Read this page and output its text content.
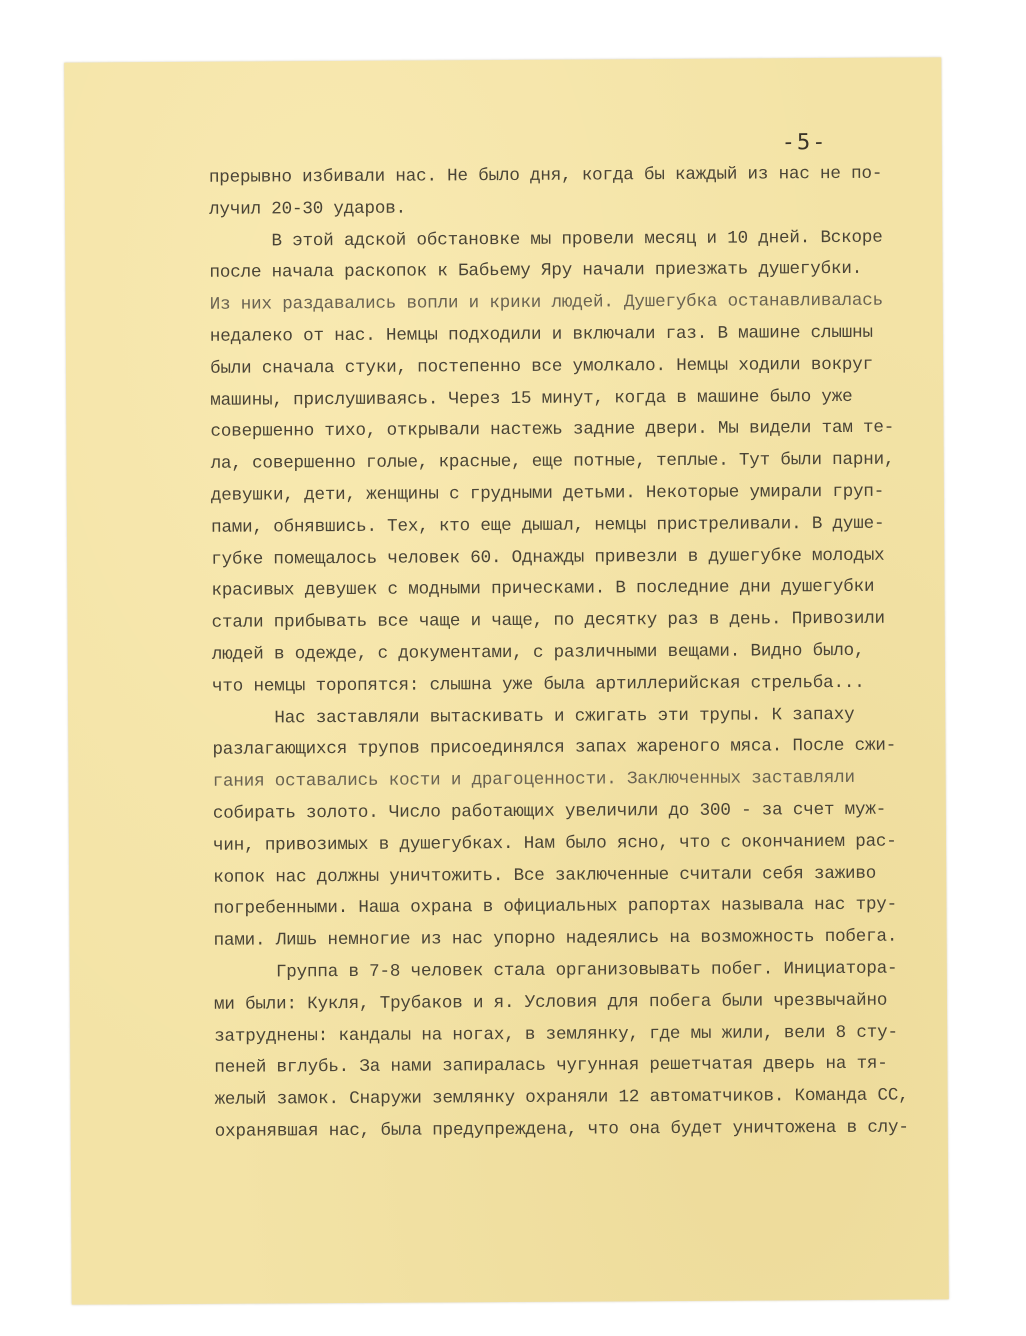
-5-
прерывно избивали нас. Не было дня, когда бы каждый из нас не по-
лучил 20-30 ударов.
В этой адской обстановке мы провели месяц и 10 дней. Вскоре
после начала раскопок к Бабьему Яру начали приезжать душегубки.
Из них раздавались вопли и крики людей. Душегубка останавливалась
недалеко от нас. Немцы подходили и включали газ. В машине слышны
были сначала стуки, постепенно все умолкало. Немцы ходили вокруг
машины, прислушиваясь. Через 15 минут, когда в машине было уже
совершенно тихо, открывали настежь задние двери. Мы видели там те-
ла, совершенно голые, красные, еще потные, теплые. Тут были парни,
девушки, дети, женщины с грудными детьми. Некоторые умирали груп-
пами, обнявшись. Тех, кто еще дышал, немцы пристреливали. В душе-
губке помещалось человек 60. Однажды привезли в душегубке молодых
красивых девушек с модными прическами. В последние дни душегубки
стали прибывать все чаще и чаще, по десятку раз в день. Привозили
людей в одежде, с документами, с различными вещами. Видно было,
что немцы торопятся: слышна уже была артиллерийская стрельба...
Нас заставляли вытаскивать и сжигать эти трупы. К запаху
разлагающихся трупов присоединялся запах жареного мяса. После сжи-
гания оставались кости и драгоценности. Заключенных заставляли
собирать золото. Число работающих увеличили до 300 - за счет муж-
чин, привозимых в душегубках. Нам было ясно, что с окончанием рас-
копок нас должны уничтожить. Все заключенные считали себя заживо
погребенными. Наша охрана в официальных рапортах называла нас тру-
пами. Лишь немногие из нас упорно надеялись на возможность побега.
Группа в 7-8 человек стала организовывать побег. Инициатора-
ми были: Кукля, Трубаков и я. Условия для побега были чрезвычайно
затруднены: кандалы на ногах, в землянку, где мы жили, вели 8 сту-
пеней вглубь. За нами запиралась чугунная решетчатая дверь на тя-
желый замок. Снаружи землянку охраняли 12 автоматчиков. Команда СС,
охранявшая нас, была предупреждена, что она будет уничтожена в слу-
